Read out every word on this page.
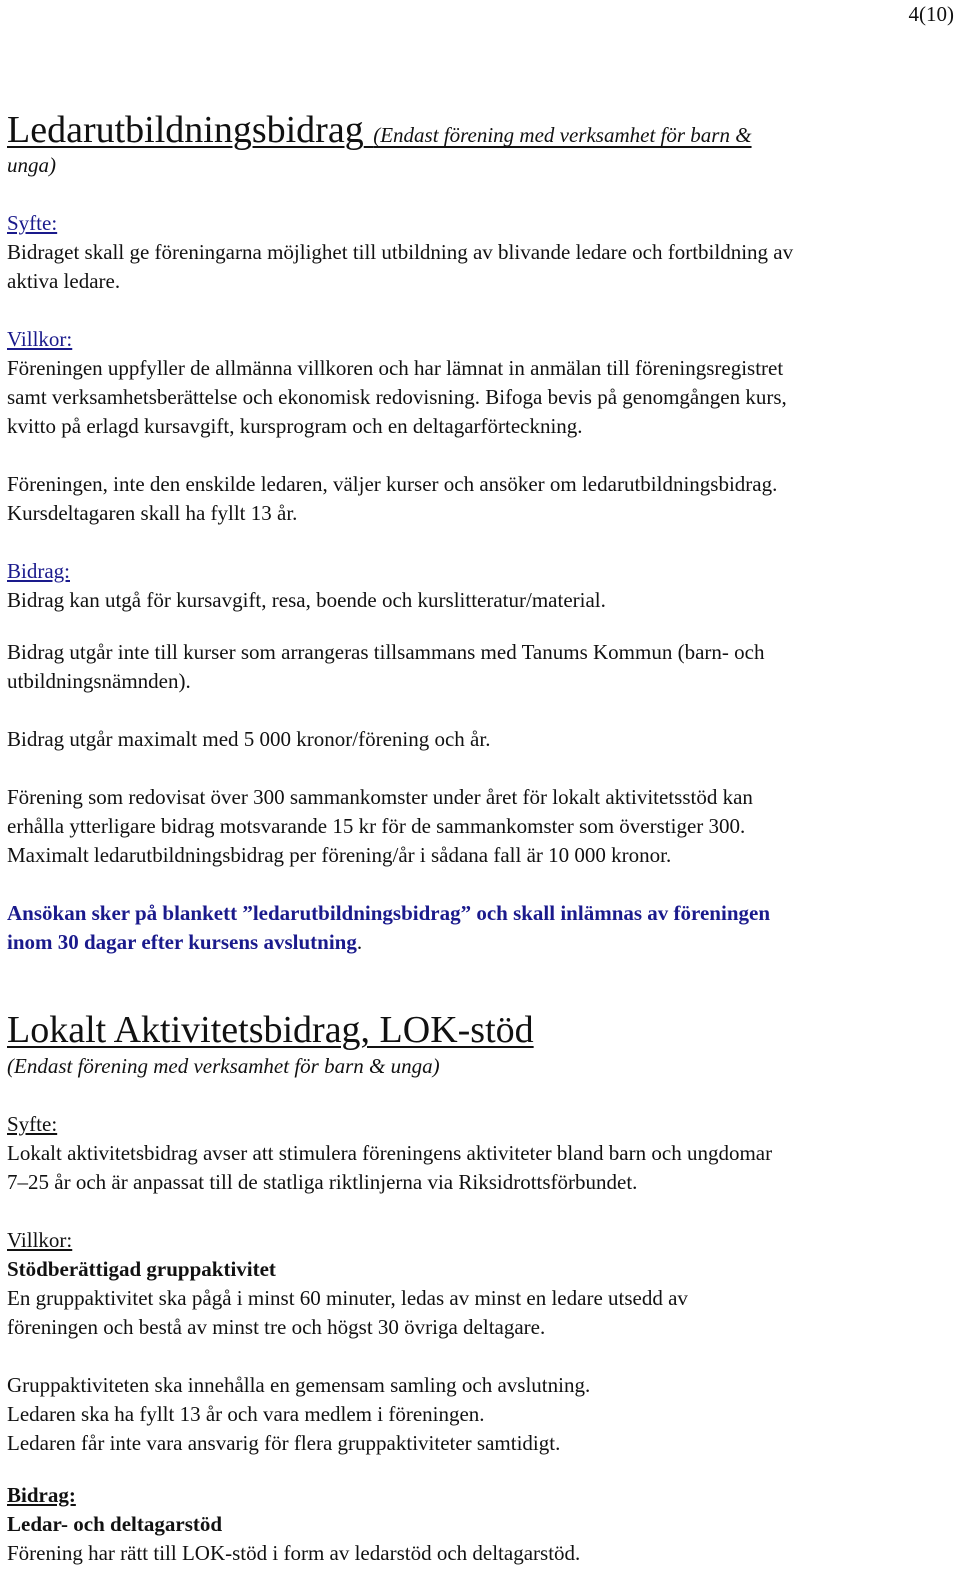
4(10)
Ledarutbildningsbidrag (Endast förening med verksamhet för barn &
unga)
Syfte:
Bidraget skall ge föreningarna möjlighet till utbildning av blivande ledare och fortbildning av
aktiva ledare.
Villkor:
Föreningen uppfyller de allmänna villkoren och har lämnat in anmälan till föreningsregistret
samt verksamhetsberättelse och ekonomisk redovisning. Bifoga bevis på genomgången kurs,
kvitto på erlagd kursavgift, kursprogram och en deltagarförteckning.
Föreningen, inte den enskilde ledaren, väljer kurser och ansöker om ledarutbildningsbidrag.
Kursdeltagaren skall ha fyllt 13 år.
Bidrag:
Bidrag kan utgå för kursavgift, resa, boende och kurslitteratur/material.
Bidrag utgår inte till kurser som arrangeras tillsammans med Tanums Kommun (barn- och
utbildningsnämnden).
Bidrag utgår maximalt med 5 000 kronor/förening och år.
Förening som redovisat över 300 sammankomster under året för lokalt aktivitetsstöd kan
erhålla ytterligare bidrag motsvarande 15 kr för de sammankomster som överstiger 300.
Maximalt ledarutbildningsbidrag per förening/år i sådana fall är 10 000 kronor.
Ansökan sker på blankett ”ledarutbildningsbidrag” och skall inlämnas av föreningen
inom 30 dagar efter kursens avslutning.
Lokalt Aktivitetsbidrag, LOK-stöd
(Endast förening med verksamhet för barn & unga)
Syfte:
Lokalt aktivitetsbidrag avser att stimulera föreningens aktiviteter bland barn och ungdomar
7–25 år och är anpassat till de statliga riktlinjerna via Riksidrottsförbundet.
Villkor:
Stödberättigad gruppaktivitet
En gruppaktivitet ska pågå i minst 60 minuter, ledas av minst en ledare utsedd av
föreningen och bestå av minst tre och högst 30 övriga deltagare.
Gruppaktiviteten ska innehålla en gemensam samling och avslutning.
Ledaren ska ha fyllt 13 år och vara medlem i föreningen.
Ledaren får inte vara ansvarig för flera gruppaktiviteter samtidigt.
Bidrag:
Ledar- och deltagarstöd
Förening har rätt till LOK-stöd i form av ledarstöd och deltagarstöd.
